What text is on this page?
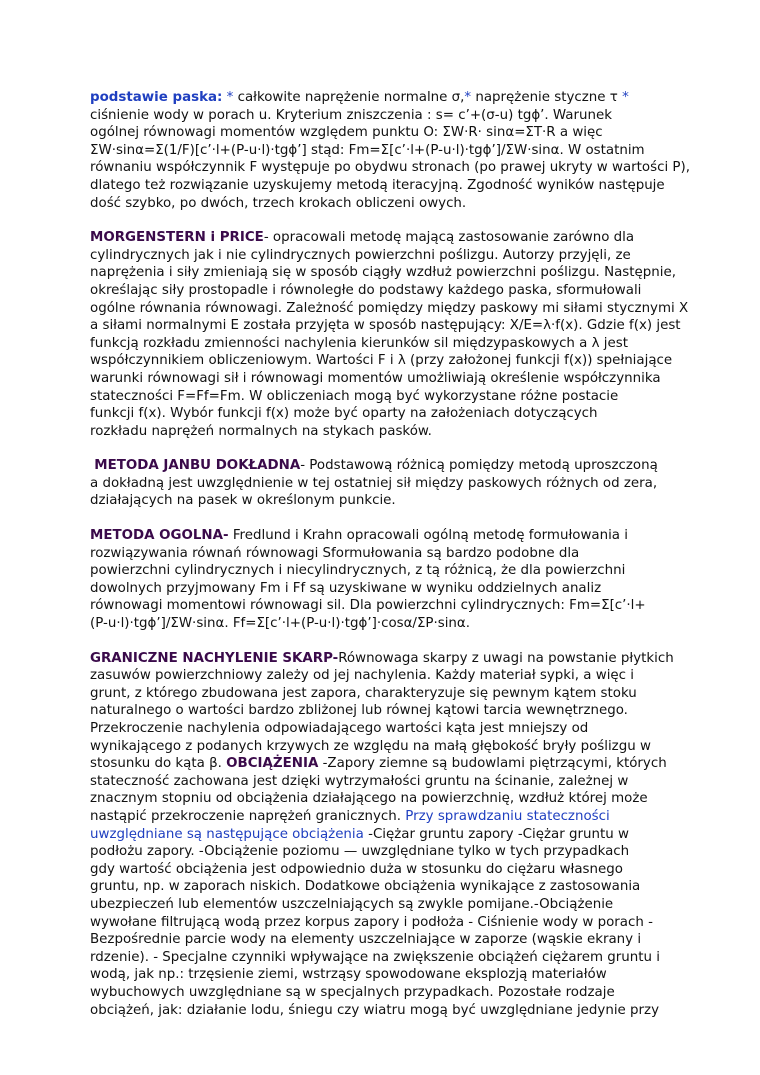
podstawie paska: * całkowite naprężenie normalne σ,* naprężenie styczne τ *
ciśnienie wody w porach u. Kryterium zniszczenia : s= c’+(σ-u) tgϕ’. Warunek
ogólnej równowagi momentów względem punktu O: ΣW·R· sinα=ΣT·R a więc
ΣW·sinα=Σ(1/F)[c’·l+(P-u·l)·tgϕ’] stąd: Fm=Σ[c’·l+(P-u·l)·tgϕ’]/ΣW·sinα. W ostatnim
równaniu współczynnik F występuje po obydwu stronach (po prawej ukryty w wartości P),
dlatego też rozwiązanie uzyskujemy metodą iteracyjną. Zgodność wyników następuje
dość szybko, po dwóch, trzech krokach obliczeni owych.
MORGENSTERN i PRICE- opracowali metodę mającą zastosowanie zarówno dla
cylindrycznych jak i nie cylindrycznych powierzchni poślizgu. Autorzy przyjęli, ze
naprężenia i siły zmieniają się w sposób ciągły wzdłuż powierzchni poślizgu. Następnie,
określając siły prostopadle i równoległe do podstawy każdego paska, sformułowali
ogólne równania równowagi. Zależność pomiędzy między paskowy mi siłami stycznymi X
a siłami normalnymi E została przyjęta w sposób następujący: X/E=λ·f(x). Gdzie f(x) jest
funkcją rozkładu zmienności nachylenia kierunków sil międzypaskowych a λ jest
współczynnikiem obliczeniowym. Wartości F i λ (przy założonej funkcji f(x)) spełniające
warunki równowagi sił i równowagi momentów umożliwiają określenie współczynnika
stateczności F=Ff=Fm. W obliczeniach mogą być wykorzystane różne postacie
funkcji f(x). Wybór funkcji f(x) może być oparty na założeniach dotyczących
rozkładu naprężeń normalnych na stykach pasków.
METODA JANBU DOKŁADNA- Podstawową różnicą pomiędzy metodą uproszczoną
a dokładną jest uwzględnienie w tej ostatniej sił między paskowych różnych od zera,
działających na pasek w określonym punkcie.
METODA OGOLNA- Fredlund i Krahn opracowali ogólną metodę formułowania i
rozwiązywania równań równowagi Sformułowania są bardzo podobne dla
powierzchni cylindrycznych i niecylindrycznych, z tą różnicą, że dla powierzchni
dowolnych przyjmowany Fm i Ff są uzyskiwane w wyniku oddzielnych analiz
równowagi momentowi równowagi sil. Dla powierzchni cylindrycznych: Fm=Σ[c’·l+
(P-u·l)·tgϕ’]/ΣW·sinα. Ff=Σ[c’·l+(P-u·l)·tgϕ’]·cosα/ΣP·sinα.
GRANICZNE NACHYLENIE SKARP-Równowaga skarpy z uwagi na powstanie płytkich
zasuwów powierzchniowy zależy od jej nachylenia. Każdy materiał sypki, a więc i
grunt, z którego zbudowana jest zapora, charakteryzuje się pewnym kątem stoku
naturalnego o wartości bardzo zbliżonej lub równej kątowi tarcia wewnętrznego.
Przekroczenie nachylenia odpowiadającego wartości kąta jest mniejszy od
wynikającego z podanych krzywych ze względu na małą głębokość bryły poślizgu w
stosunku do kąta β. OBCIĄŻENIA -Zapory ziemne są budowlami piętrzącymi, których
stateczność zachowana jest dzięki wytrzymałości gruntu na ścinanie, zależnej w
znacznym stopniu od obciążenia działającego na powierzchnię, wzdłuż której może
nastąpić przekroczenie naprężeń granicznych. Przy sprawdzaniu stateczności
uwzględniane są następujące obciążenia -Ciężar gruntu zapory -Ciężar gruntu w
podłożu zapory. -Obciążenie poziomu — uwzględniane tylko w tych przypadkach
gdy wartość obciążenia jest odpowiednio duża w stosunku do ciężaru własnego
gruntu, np. w zaporach niskich. Dodatkowe obciążenia wynikające z zastosowania
ubezpieczeń lub elementów uszczelniających są zwykle pomijane.-Obciążenie
wywołane filtrującą wodą przez korpus zapory i podłoża - Ciśnienie wody w porach -
Bezpośrednie parcie wody na elementy uszczelniające w zaporze (wąskie ekrany i
rdzenie). - Specjalne czynniki wpływające na zwiększenie obciążeń ciężarem gruntu i
wodą, jak np.: trzęsienie ziemi, wstrząsy spowodowane eksplozją materiałów
wybuchowych uwzględniane są w specjalnych przypadkach. Pozostałe rodzaje
obciążeń, jak: działanie lodu, śniegu czy wiatru mogą być uwzględniane jedynie przy
